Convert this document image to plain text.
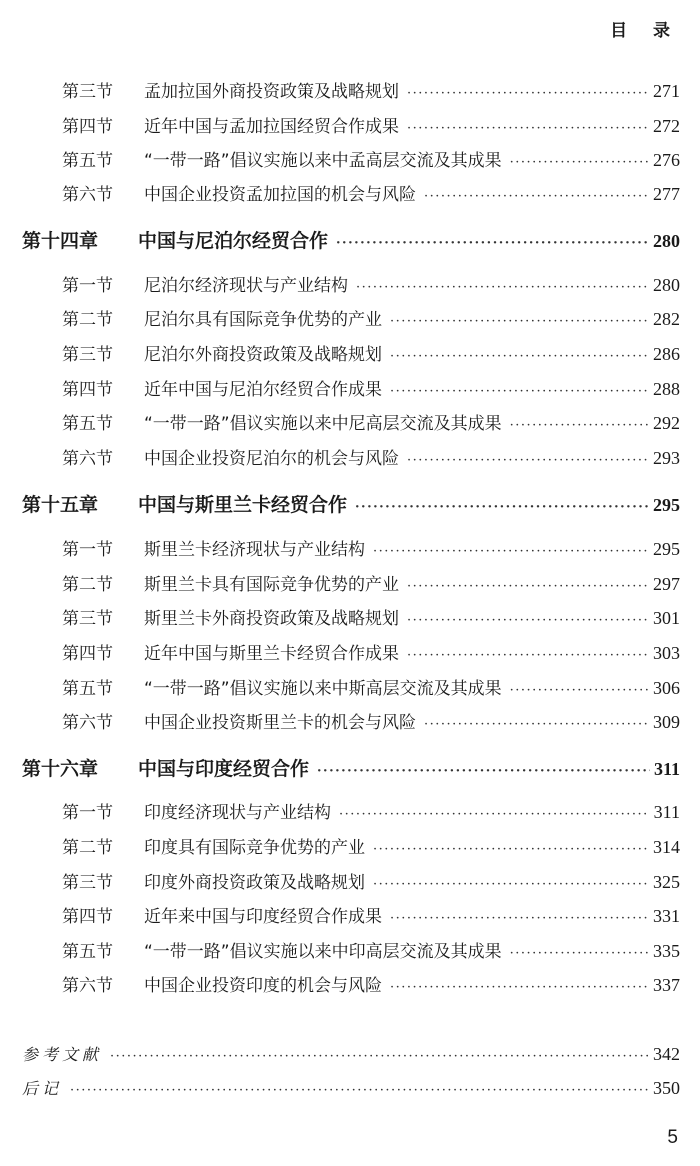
目 录
第三节	孟加拉国外商投资政策及战略规划 ·····	271
第四节	近年中国与孟加拉国经贸合作成果 ·····	272
第五节	“一带一路”倡议实施以来中孟高层交流及其成果 ·····	276
第六节	中国企业投资孟加拉国的机会与风险 ·····	277
第十四章	中国与尼泊尔经贸合作 ·····	280
第一节	尼泊尔经济现状与产业结构 ·····	280
第二节	尼泊尔具有国际竞争优势的产业 ·····	282
第三节	尼泊尔外商投资政策及战略规划 ·····	286
第四节	近年中国与尼泊尔经贸合作成果 ·····	288
第五节	“一带一路”倡议实施以来中尼高层交流及其成果 ·····	292
第六节	中国企业投资尼泊尔的机会与风险 ·····	293
第十五章	中国与斯里兰卡经贸合作 ·····	295
第一节	斯里兰卡经济现状与产业结构 ·····	295
第二节	斯里兰卡具有国际竞争优势的产业 ·····	297
第三节	斯里兰卡外商投资政策及战略规划 ·····	301
第四节	近年中国与斯里兰卡经贸合作成果 ·····	303
第五节	“一带一路”倡议实施以来中斯高层交流及其成果 ·····	306
第六节	中国企业投资斯里兰卡的机会与风险 ·····	309
第十六章	中国与印度经贸合作 ·····	311
第一节	印度经济现状与产业结构 ·····	311
第二节	印度具有国际竞争优势的产业 ·····	314
第三节	印度外商投资政策及战略规划 ·····	325
第四节	近年来中国与印度经贸合作成果 ·····	331
第五节	“一带一路”倡议实施以来中印高层交流及其成果 ·····	335
第六节	中国企业投资印度的机会与风险 ·····	337
参考文献 ·····	342
后记 ·····	350
5
